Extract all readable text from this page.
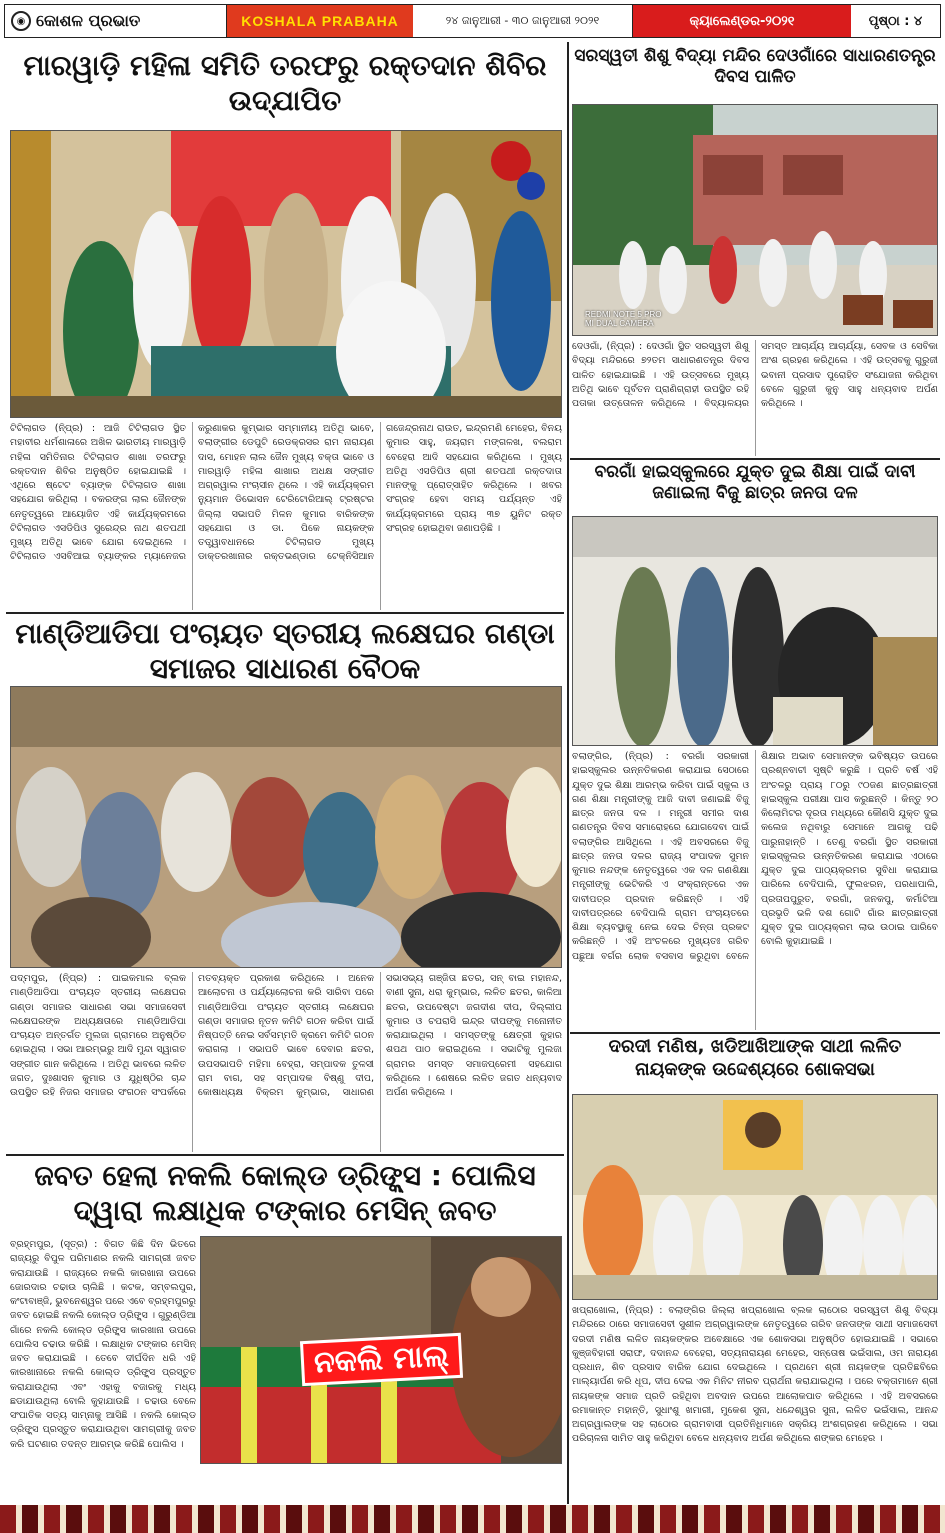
◉ କୋଶଳ ପ୍ରଭାତ	KOSHALA PRABAHA	୨୪ ଜାନୁଆରୀ - ୩୦ ଜାନୁଆରୀ ୨୦୨୧	କ୍ୟାଲେଣ୍ଡର-୨୦୨୧	ପୃଷ୍ଠା : ୪
ମାରୱାଡ଼ି ମହିଳା ସମିତି ତରଫରୁ ରକ୍ତଦାନ ଶିବିର ଉଦ୍‌ଯାପିତ
ଟିଟିଲାଗଡ (ନି୍ପ୍ର) : ଆଜି ଟିଟିଲାଗଡ ସ୍ଥିତ ମହାବୀର ଧର୍ମଶାଳାରେ ଅଖିଳ ଭାରତୀୟ ମାରୱାଡ଼ି ମହିଳା ସମିତିନାର ଟିଟିଲାଗଡ ଶାଖା ତରଫରୁ ରକ୍ତଦାନ ଶିବିର ଅନୁଷ୍ଠିତ ହୋଇଯାଇଛି । ଏଥିରେ ଷ୍ଟେଟ ବ୍ୟାଙ୍କ ଟିଟିଲାଗଡ ଶାଖା ସହଯୋଗ କରିଥିଲା । ବକରଙ୍ଗ ଲାଲ ଜୈନଙ୍କ ନେତୃତ୍ୱରେ ଆୟୋଜିତ ଏହି କାର୍ଯ୍ୟକ୍ରମରେ ଟିଟିଲାଗଡ ଏସଡିପିଓ ସୁରେନ୍ଦ୍ର ନାଥ ଶତପଥୀ ମୁଖ୍ୟ ଅତିଥି ଭାବେ ଯୋଗ ଦେଇଥିଲେ । ଟିଟିଲାଗଡ ଏସବିଆଇ ବ୍ୟାଙ୍କର ମ୍ୟାନେଜର କରୁଣାକର କୁମ୍ଭାର ସମ୍ମାନୀୟ ଅତିଥି ଭାବେ, ବଲାଙ୍ଗୀର ଡେପୁଟି ରେଡକ୍ରସର ରାମ ନାରାୟଣ ଦାସ, ମୋହନ ଲାଲ ଜୈନ ମୁଖ୍ୟ ବକ୍ତା ଭାବେ ଓ ମାରୱାଡ଼ି ମହିଳା ଶାଖାର ଅଧକ୍ଷ ସଙ୍ଗୀତ ଅଗ୍ରୱାଲ ମଂଚାସୀନ ଥିଲେ । ଏହି କାର୍ଯ୍ୟକ୍ରମ ନ୍ୟୁମାନ ଡିଭୋସନ ଟେରିଟୋରିଆଲ୍ ଟ୍ରଷ୍ଟର ଜିଲ୍ଲା ସଭାପତି ମିଳନ କୁମାର ବାରିକଙ୍କ ସହଯୋଗ ଓ ଡା. ପିକେ ନାୟକଙ୍କ ତତ୍ତ୍ୱାବଧାନରେ ଟିଟିଲାଗଡ ମୁଖ୍ୟ ଡାକ୍ତରଖାନାର ରକ୍ତଭଣ୍ଡାର ଟେକ୍ନିସିଆନ ଗଜେନ୍ଦ୍ରନାଥ ରାଉତ, ଇନ୍ଦ୍ରମଣି ମେହେର, ବିନୟ କୁମାର ସାହୁ, ଜୟରାମ ମଙ୍ଗଳଖ, ବଲରାମ ବେହେରା ଆଦି ସହଯୋଗ କରିଥିଲେ । ମୁଖ୍ୟ ଅତିଥି ଏସଡିପିଓ ଶ୍ରୀ ଶତପଥୀ ରକ୍ତଦାତା ମାନଙ୍କୁ ପ୍ରୋତ୍ସାହିତ କରିଥିଲେ । ଖବର ସଂଗ୍ରହ ହେବା ସମୟ ପର୍ଯ୍ୟନ୍ତ ଏହି କାର୍ଯ୍ୟକ୍ରମରେ ପ୍ରାୟ ୩୭ ୟୁନିଟ ରକ୍ତ ସଂଗ୍ରହ ହୋଇଥିବା ଜଣାପଡ଼ିଛି ।
ମାଣ୍ଡିଆଡିପା ପଂଚାୟତ ସ୍ତରୀୟ ଲକ୍ଷେଘର ଗଣ୍ଡା ସମାଜର ସାଧାରଣ ବୈଠକ
ପଦ୍ମପୁର, (ନି୍ପ୍ର) : ପାଇକମାଲ ବ୍ଲକ ମାଣ୍ଡିଆଡିପା ପଂଚାୟତ ସ୍ତରୀୟ ଲକ୍ଷେଘର ଗଣ୍ଡା ସମାଜର ସାଧାରଣ ସଭା ସମାଜସେବୀ ଲକ୍ଷେଘରଙ୍କ ଅଧ୍ୟକ୍ଷତାରେ ମାଣ୍ଡିଆଡିପା ପଂଚାୟତ ଅନ୍ତର୍ଗତ ମୁଲଜା ଗ୍ରାମରେ ଅନୁଷ୍ଠିତ ହୋଇଥିଲା । ସଭା ଆରମ୍ଭରୁ ଆଦି ମୁନ୍ଦା ସ୍ୱାଗତ ସଙ୍ଗୀତ ଗାନ କରିଥିଲେ । ଅତିଥି ଭାବରେ ଲଳିତ ଜଗତ, ଦୁଃଶାସନ କୁମାର ଓ ଯୁଧିଷ୍ଠିର ଚାନ୍ଦ ଉପସ୍ଥିତ ରହି ନିଜର ସମାଜର ସଂଗଠନ ସଂପର୍କରେ ମତବ୍ୟକ୍ତ ପ୍ରକାଶ କରିଥିଲେ । ଅନେକ ଆଲୋଚନା ଓ ପର୍ଯ୍ୟାଲୋଚନା କରି ସାରିବା ପରେ ମାଣ୍ଡିଆଡିପା ପଂଚାୟତ ସ୍ତରୀୟ ଲକ୍ଷେଘର ଗଣ୍ଡା ସମାଜର ନୂତନ କମିଟି ଗଠନ କରିବା ପାଇଁ ନିଷ୍ପତ୍ତି ନେଇ ସର୍ବସମ୍ମତି କ୍ରମେ କମିଟି ଗଠନ କରାଗଲା । ସଭାପତି ଭାବେ ଦେବାର ଛତର, ଉପସଭାପତି ମହିମା ବେହ୍ରା, ସମ୍ପାଦକ ତୁଳସୀ ରାମ ବାଗ, ସହ ସମ୍ପାଦକ ବିଷ୍ଣୁ ଦୀପ, କୋଷାଧ୍ୟକ୍ଷ ବିକ୍ରମ କୁମ୍ଭାର, ସାଧାରଣ ସଭାସଭ୍ୟ ଗଞ୍ଜିତା ଛତର, ସନ୍ ବାଇ ମହାନନ୍ଦ, ବାଣୀ ସୁନା, ଧରା କୁମ୍ଭାର, ଲଳିତ ଛତର, କାଳିଆ ଛତର, ଉପଦେଷ୍ଟା ଜଗଦୀଶ ଦୀପ, ଦିଲ୍ଲୀପ କୁମାର ଓ ଚପରାସି ଇନ୍ଦ୍ର ଦୀପଙ୍କୁ ମନୋନୀତ କରାଯାଇଥିଲା । ସମସ୍ତଙ୍କୁ କ୍ଷେତ୍ରୀ କୁହାର ଶପଥ ପାଠ କରାଇଥିଲେ । ସଭାଟିକୁ ମୁଲଜା ଗ୍ରାମର ସମସ୍ତ ସମାଜପ୍ରେମୀ ସହଯୋଗ କରିଥିଲେ । ଶେଷରେ ଲଳିତ ଜଗତ ଧନ୍ୟବାଦ ଅର୍ପଣ କରିଥିଲେ ।
ଜବତ ହେଲା ନକଲି କୋଲ୍ଡ ଡ୍ରିଙ୍କ୍ସ : ପୋଲିସ ଦ୍ୱାରା ଲକ୍ଷାଧିକ ଟଙ୍କାର ମେସିନ୍ ଜବତ
ବ୍ରହ୍ମପୁର, (ସୂତ୍ର) : ବିଗତ କିଛି ଦିନ ଭିତରେ ରାଜ୍ୟରୁ ବିପୁଳ ପରିମାଣର ନକଲି ସାମଗ୍ରୀ ଜବତ କରାଯାଉଛି । ରାଜ୍ୟରେ ନକଲି କାରଖାନା ଉପରେ ଜୋରଦାର ଚଢାଉ ଚାଲିଛି । କଟକ, ସମ୍ବଲପୁର, କଂଟାବାଞ୍ଜି, ଭୁବନେଶ୍ୱର ପରେ ଏବେ ବ୍ରହ୍ମପୁରରୁ ଜବତ ହୋଇଛି ନକଲି କୋଲ୍ଡ ଡ୍ରିଙ୍କ୍ସ । ଗୁରୁଣ୍ଡିଆ ଗାଁରେ ନକଲି କୋଲ୍ଡ ଡ୍ରିଙ୍କ୍ସ କାରଖାନା ଉପରେ ପୋଲିସ ଚଢାଉ କରିଛି । ଲକ୍ଷାଧିକ ଟଙ୍କାର ମେସିନ୍ ଜବତ କରାଯାଇଛି । ତେବେ ଦୀର୍ଘଦିନ ଧରି ଏହି କାରଖାନାରେ ନକଲି କୋଲ୍ଡ ଡ୍ରିଙ୍କ୍ସ ପ୍ରସ୍ତୁତ କରାଯାଉଥିଲା ଏବଂ ଏହାକୁ ବଜାରକୁ ମଧ୍ୟ ଛଡାଯାଉଥିଲା ବୋଲି କୁହାଯାଉଛି । ଚଢାଉ ବେଳେ ସଂପାତିକ ସତ୍ୟ ସାମ୍ନାକୁ ଆସିଛି । ନକଲି କୋଲ୍ଡ ଡ୍ରିଙ୍କ୍ସ ପ୍ରସ୍ତୁତ କରାଯାଉଥିବା ସାମଗ୍ରୀକୁ ଜବତ କରି ଘଟଣାର ତଦନ୍ତ ଆରମ୍ଭ କରିଛି ପୋଲିସ ।
ନକଲି ମାଲ୍
ସରସ୍ୱତୀ ଶିଶୁ ବିଦ୍ୟା ମନ୍ଦିର ଦେଓଗାଁରେ ସାଧାରଣତନ୍ତ୍ର ଦିବସ ପାଳିତ
REDMI NOTE 5 PRO
MI DUAL CAMERA
ଦେଓଗାଁ, (ନି୍ପ୍ର) : ଦେଓଗାଁ ସ୍ଥିତ ସରସ୍ୱତୀ ଶିଶୁ ବିଦ୍ୟା ମନ୍ଦିରରେ ୭୨ତମ ସାଧାରଣତନ୍ତ୍ର ଦିବସ ପାଳିତ ହୋଇଯାଇଛି । ଏହି ଉତ୍ସବରେ ମୁଖ୍ୟ ଅତିଥି ଭାବେ ପୂର୍ବତନ ପ୍ରାଣିଗ୍ରାହୀ ଉପସ୍ଥିତ ରହି ପତାକା ଉତ୍ତୋଳନ କରିଥିଲେ । ବିଦ୍ୟାଳୟର ସମସ୍ତ ଆଚାର୍ଯ୍ୟ ଆଚାର୍ଯ୍ୟା, ସେବକ ଓ ସେବିକା ଅଂଶ ଗ୍ରହଣ କରିଥିଲେ । ଏହି ଉତ୍ସବକୁ ଗୁରୁଜୀ ଭବାନୀ ପ୍ରସାଦ ପୁରୋହିତ ସଂଯୋଜନା କରିଥିବା ବେଳେ ଗୁରୁଜୀ କୁନୁ ସାହୁ ଧନ୍ୟବାଦ ଅର୍ପଣ କରିଥିଲେ ।
ବରଗାଁ ହାଇସ୍କୁଲରେ ଯୁକ୍ତ ଦୁଇ ଶିକ୍ଷା ପାଇଁ ଦାବୀ ଜଣାଇଲା ବିଜୁ ଛାତ୍ର ଜନତା ଦଳ
ବଲାଙ୍ଗିର, (ନି୍ପ୍ର) : ବରଗାଁ ସରକାରୀ ହାଇସ୍କୁଲର ଉନ୍ନତିକରଣ କରାଯାଇ ସେଠାରେ ଯୁକ୍ତ ଦୁଇ ଶିକ୍ଷା ଆରମ୍ଭ କରିବା ପାଇଁ ସ୍କୁଲ ଓ ଗଣ ଶିକ୍ଷା ମନ୍ତ୍ରୀଙ୍କୁ ଆଜି ଦାବୀ ଜଣାଇଛି ବିଜୁ ଛାତ୍ର ଜନତା ଦଳ । ମନ୍ତ୍ରୀ ସମୀର ଦାଶ ଗଣତନ୍ତ୍ର ଦିବସ ସମାରୋହରେ ଯୋଗଦେବା ପାଇଁ ବଲାଙ୍ଗିର ଆସିଥିଲେ । ଏହି ଅବସରରେ ବିଜୁ ଛାତ୍ର ଜନତା ଦଳର ରାଜ୍ୟ ସଂପାଦକ ସୁମନ କୁମାର ନନ୍ଦଙ୍କ ନେତୃତ୍ୱରେ ଏକ ଦଳ ଗଣଶିକ୍ଷା ମନ୍ତ୍ରୀଙ୍କୁ ଭେଟିକରି ଏ ସଂକ୍ରାନ୍ତରେ ଏକ ଦାବୀପତ୍ର ପ୍ରଦାନ କରିଛନ୍ତି । ଏହି ଦାବୀପତ୍ରରେ ବେଦିପାଲି ଗ୍ରାମ ପଂଚାୟତରେ ଶିକ୍ଷା ବ୍ୟବସ୍ଥାକୁ ନେଇ ଦେଇ ଚିନ୍ତା ପ୍ରକଟ କରିଛନ୍ତି । ଏହି ଅଂଚଳରେ ମୁଖ୍ୟତଃ ଗରିବ ପଛୁଆ ବର୍ଗର ଲୋକ ବସବାସ କରୁଥିବା ବେଳେ ଶିକ୍ଷାର ଅଭାବ ସେମାନଙ୍କ ଭବିଷ୍ୟତ ଉପରେ ପ୍ରଶ୍ନବାଚୀ ସୃଷ୍ଟି କରୁଛି । ପ୍ରତି ବର୍ଷ ଏହି ଅଂଚଳରୁ ପ୍ରାୟ ୮୦ରୁ ୯୦ଜଣ ଛାତ୍ରଛାତ୍ରୀ ହାଇସ୍କୁଲ ପରୀକ୍ଷା ପାସ କରୁଛନ୍ତି । କିନ୍ତୁ ୨୦ କିଲୋମିଟର ଦୂରତା ମଧ୍ୟରେ କୌଣସି ଯୁକ୍ତ ଦୁଇ କଲେଜ ନଥିବାରୁ ସେମାନେ ଆଗକୁ ପଢି ପାରୁନାହାନ୍ତି । ତେଣୁ ବରଗାଁ ସ୍ଥିତ ସରକାରୀ ହାଇସ୍କୁଲର ଉନ୍ନତିକରଣ କରାଯାଇ ଏଠାରେ ଯୁକ୍ତ ଦୁଇ ପାଠ୍ୟକ୍ରମର ସୁବିଧା କରାଯାଇ ପାରିଲେ ବେଦିପାଲି, ଫୁଲଝରନ, ପରଧାପାଲି, ପ୍ରତାପପୁରୁତ, ବରଗାଁ, ଜନକପୁ, କର୍ମାଟିଆ ପ୍ରଭୃତି ଭଳି ଦଶ ଗୋଟି ଗାଁର ଛାତ୍ରଛାତ୍ରୀ ଯୁକ୍ତ ଦୁଇ ପାଠ୍ୟକ୍ରମ ଲାଭ ଉଠାଇ ପାରିବେ ବୋଲି କୁହାଯାଇଛି ।
ଦରଦୀ ମଣିଷ, ଖଡିଆଖିଆଙ୍କ ସାଥୀ ଲଳିତ ନାୟକଙ୍କ ଉଦ୍ଦେଶ୍ୟରେ ଶୋକସଭା
ଖପ୍ରାଖୋଲ, (ନି୍ପ୍ର) : ବଲାଙ୍ଗିର ଜିଲ୍ଲା ଖପ୍ରାଖୋଲ ବ୍ଲକ ଲାଠୋର ସରସ୍ୱତୀ ଶିଶୁ ବିଦ୍ୟା ମନ୍ଦିରରେ ଠାରେ ସମାଜସେବୀ ସୁଶୀଳ ଅଗ୍ରୱାଲଙ୍କ ନେତୃତ୍ୱରେ ଗରିବ ଜନତାଙ୍କ ସାଥୀ ସମାଜସେବୀ ଦରଦୀ ମଣିଷ ଲଳିତ ନାୟକଙ୍କର ଅବେକ୍ଷାରେ ଏକ ଶୋକସଭା ଅନୁଷ୍ଠିତ ହୋଇଯାଇଛି । ସଭାରେ କୁଞ୍ଜବିହାରୀ ସରାଫ, ଦଦାନନ୍ଦ ବେହେରା, ସତ୍ୟନାରାୟଣ ମେହେର, ସନ୍ତୋଷ ଭଇଁସାଲ, ଓମ ନାରାୟଣ ପ୍ରଧାନ, ଶିବ ପ୍ରସାଦ ବାରିକ ଯୋଗ ଦେଇଥିଲେ । ପ୍ରଥମେ ଶ୍ରୀ ନାୟକଙ୍କ ପ୍ରତିଛବିରେ ମାଲ୍ୟାର୍ପଣ କରି ଧୂପ, ଦୀପ ଦେଇ ଏକ ମିନିଟ ନୀରବ ପ୍ରାର୍ଥନା କରାଯାଇଥିଲା । ପରେ ବକ୍ତାମାନେ ଶ୍ରୀ ନାୟକଙ୍କ ସମାଜ ପ୍ରତି ରହିଥିବା ଅବଦାନ ଉପରେ ଆଲୋକପାତ କରିଥିଲେ । ଏହି ଅବସରରେ ରମାକାନ୍ତ ମହାନ୍ତି, ସୁଧାଂଶୁ ଖମାରୀ, ମୁକେଶ ସୁନା, ଧନ୍ଦେଶ୍ୱର ସୁନା, ଲଳିତ ଭଇଁସାଲ, ଆନନ୍ଦ ଅଗ୍ରୱାଲଙ୍କ ସହ ଲାଠୋର ଗ୍ରାମବାସୀ ପ୍ରତିନିଧିମାନେ ସକ୍ରିୟ ଅଂଶଗ୍ରହଣ କରିଥିଲେ । ସଭା ପରିଚାଳନା ସାମିତ ସାହୁ କରିଥିବା ବେଳେ ଧନ୍ୟବାଦ ଅର୍ପଣ କରିଥିଲେ ଶଙ୍କର ମେହେର ।
